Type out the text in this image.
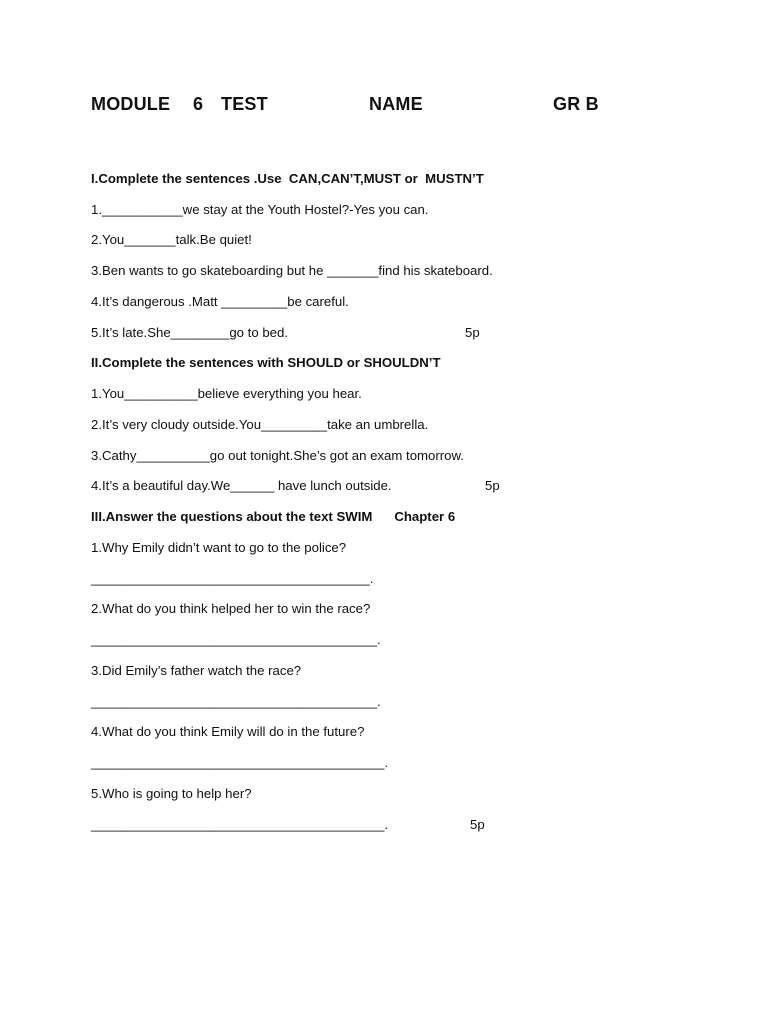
MODULE 6 TEST	NAME	GR B
I.Complete the sentences .Use  CAN,CAN’T,MUST or  MUSTN’T
1.___________we stay at the Youth Hostel?-Yes you can.
2.You_______talk.Be quiet!
3.Ben wants to go skateboarding but he _______find his skateboard.
4.It’s dangerous .Matt _________be careful.
5.It’s late.She________go to bed.	5p
II.Complete the sentences with SHOULD or SHOULDN’T
1.You__________believe everything you hear.
2.It’s very cloudy outside.You_________take an umbrella.
3.Cathy__________go out tonight.She’s got an exam tomorrow.
4.It’s a beautiful day.We______ have lunch outside.	5p
III.Answer the questions about the text SWIM      Chapter 6
1.Why Emily didn’t want to go to the police?
______________________________________.
2.What do you think helped her to win the race?
_______________________________________.
3.Did Emily’s father watch the race?
_______________________________________.
4.What do you think Emily will do in the future?
________________________________________.
5.Who is going to help her?
________________________________________.	5p
